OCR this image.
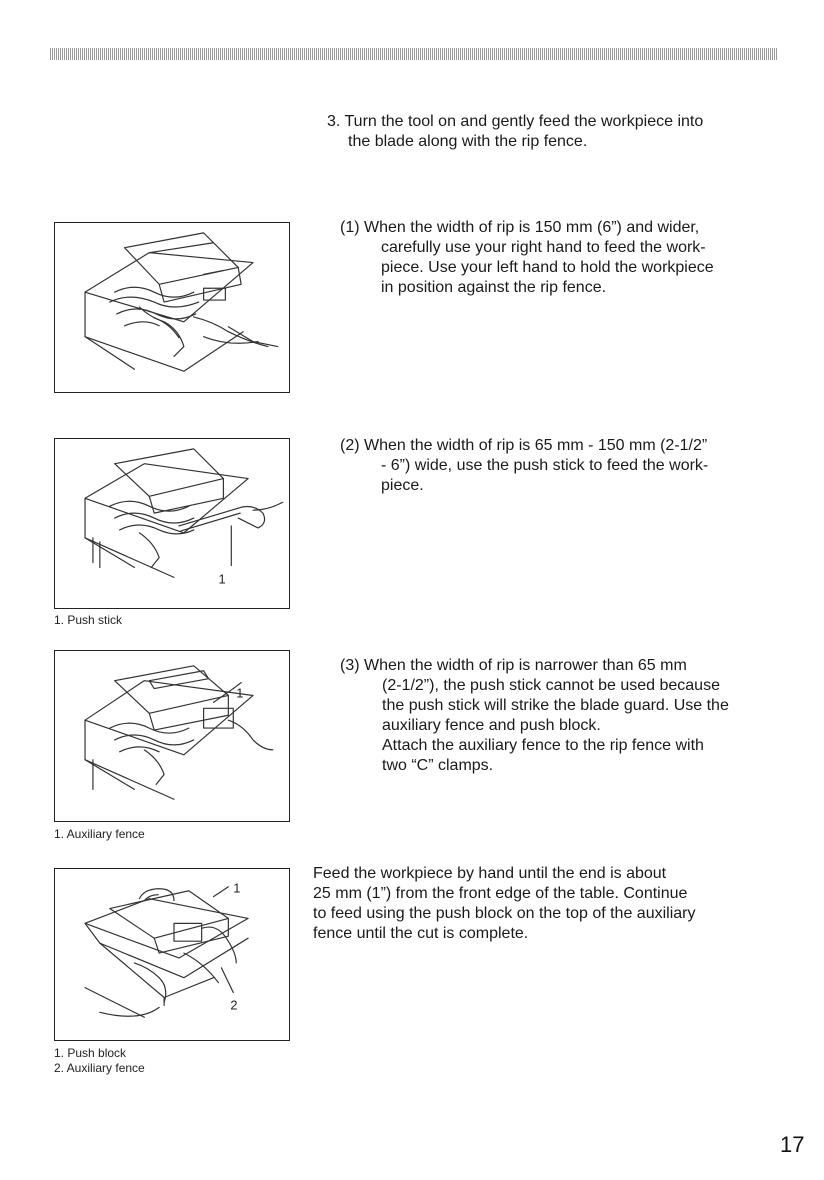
3. Turn the tool on and gently feed the workpiece into
the blade along with the rip fence.
(1) When the width of rip is 150 mm (6”) and wider,
carefully use your right hand to feed the work-
piece. Use your left hand to hold the workpiece
in position against the rip fence.
1
1. Push stick
(2) When the width of rip is 65 mm - 150 mm (2-1/2”
- 6”) wide, use the push stick to feed the work-
piece.
1
1. Auxiliary fence
(3) When the width of rip is narrower than 65 mm
(2-1/2”), the push stick cannot be used because
the push stick will strike the blade guard. Use the
auxiliary fence and push block.
Attach the auxiliary fence to the rip fence with
two “C” clamps.
1
2
1. Push block
2. Auxiliary fence
Feed the workpiece by hand until the end is about
25 mm (1”) from the front edge of the table. Continue
to feed using the push block on the top of the auxiliary
fence until the cut is complete.
17
